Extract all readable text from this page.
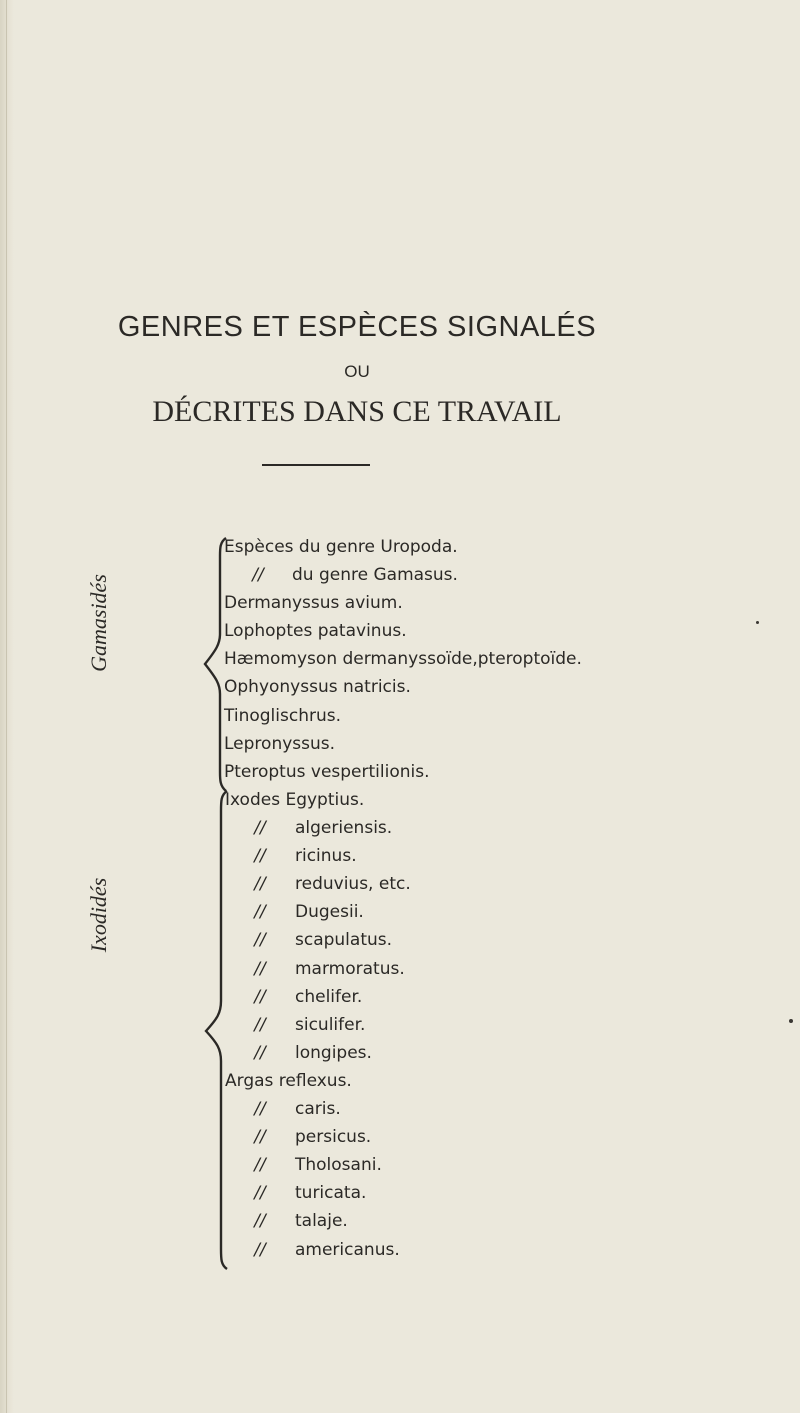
GENRES ET ESPÈCES SIGNALÉS
OU
DÉCRITES DANS CE TRAVAIL
Gamasidés
Espèces du genre Uropoda.
// du genre Gamasus.
Dermanyssus avium.
Lophoptes patavinus.
Hæmomyson dermanyssoïde,pteroptoïde.
Ophyonyssus natricis.
Tinoglischrus.
Lepronyssus.
Pteroptus vespertilionis.
Ixodidés
Ixodes Egyptius.
// algeriensis.
// ricinus.
// reduvius, etc.
// Dugesii.
// scapulatus.
// marmoratus.
// chelifer.
// siculifer.
// longipes.
Argas reflexus.
// caris.
// persicus.
// Tholosani.
// turicata.
// talaje.
// americanus.
